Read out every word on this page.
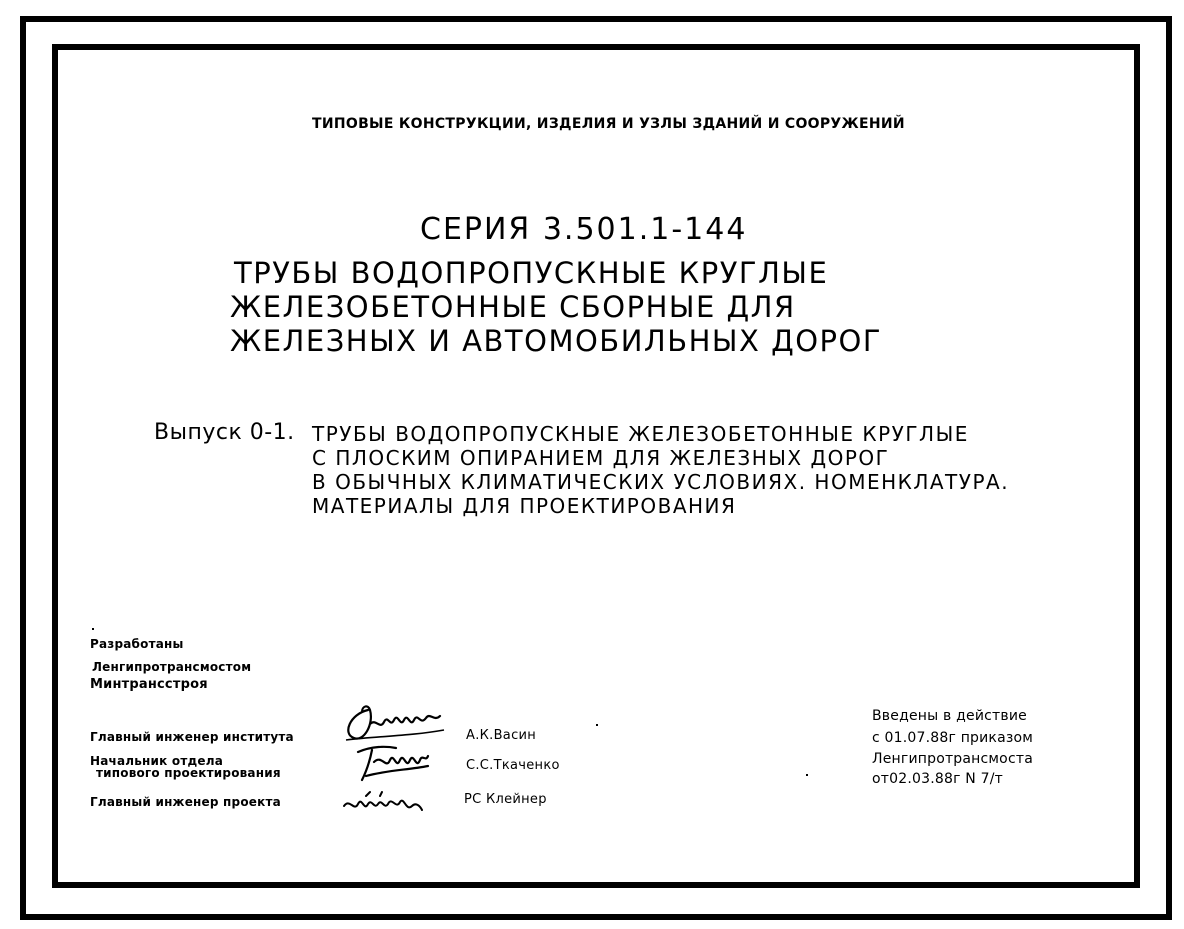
ТИПОВЫЕ КОНСТРУКЦИИ, ИЗДЕЛИЯ И УЗЛЫ ЗДАНИЙ И СООРУЖЕНИЙ
СЕРИЯ 3.501.1-144
ТРУБЫ ВОДОПРОПУСКНЫЕ КРУГЛЫЕ
ЖЕЛЕЗОБЕТОННЫЕ СБОРНЫЕ ДЛЯ
ЖЕЛЕЗНЫХ И АВТОМОБИЛЬНЫХ ДОРОГ
Выпуск 0-1. ТРУБЫ ВОДОПРОПУСКНЫЕ ЖЕЛЕЗОБЕТОННЫЕ КРУГЛЫЕ
С ПЛОСКИМ ОПИРАНИЕМ ДЛЯ ЖЕЛЕЗНЫХ ДОРОГ
В ОБЫЧНЫХ КЛИМАТИЧЕСКИХ УСЛОВИЯХ. НОМЕНКЛАТУРА.
МАТЕРИАЛЫ ДЛЯ ПРОЕКТИРОВАНИЯ
Разработаны
Ленгипротрансмостом
Минтрансстроя
Главный инженер института
Начальник отдела
типового проектирования
Главный инженер проекта
А.К.Васин
С.С.Ткаченко
РС Клейнер
Введены в действие
с 01.07.88г приказом
Ленгипротрансмоста
от02.03.88г N 7/т
